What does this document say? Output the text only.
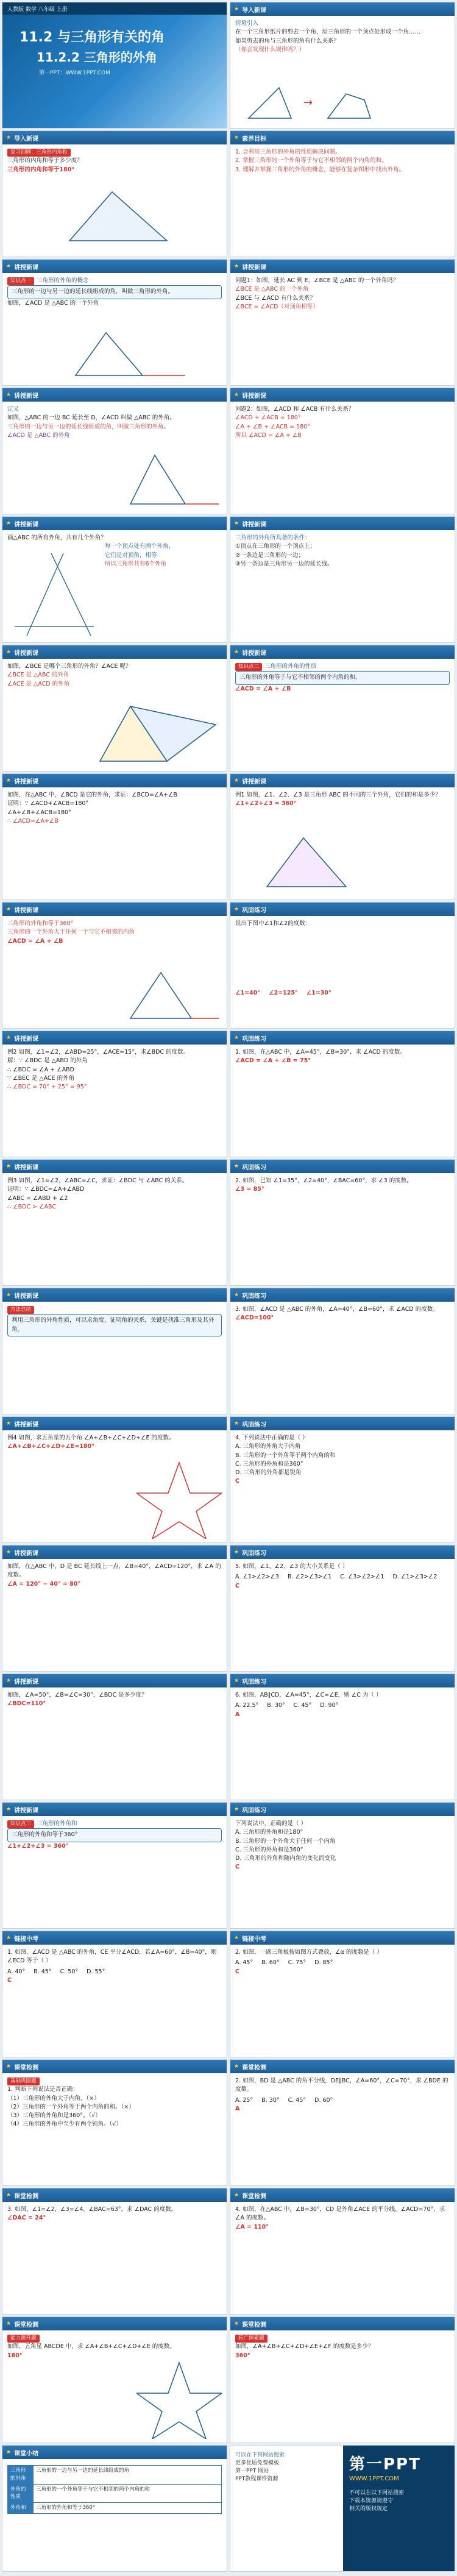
人教版 数学 八年级 上册
11.2 与三角形有关的角
11.2.2 三角形的外角
第一PPT：WWW.1PPT.COM
★ 导入新课
情境引入
在一个三角形纸片的剪去一个角，原三角形的一个顶点处形成一个角……
如果剪去的角与三角形的角有什么关系？
（你会发现什么规律吗？）
→
★ 导入新课
复习回顾：三角形内角和
三角形的内角和等于多少度？
三角形的内角和等于180°
★ 素养目标
1. 会利用三角形的外角的性质解决问题。
2. 掌握三角形的一个外角等于与它不相邻的两个内角的和。
3. 理解并掌握三角形的外角的概念，能够在复杂图形中找出外角。
★ 讲授新课
知识点一 三角形的外角的概念
三角形的一边与另一边的延长线组成的角，叫做三角形的外角。
如图，∠ACD 是 △ABC 的一个外角
★ 讲授新课
问题1：如图，延长 AC 到 E，∠BCE 是 △ABC 的一个外角吗？
∠BCE 是 △ABC 的一个外角
∠BCE 与 ∠ACD 有什么关系？
∠BCE = ∠ACD（对顶角相等）
★ 讲授新课
定义
如图，△ABC 的一边 BC 延长至 D，∠ACD 叫做 △ABC 的外角。
三角形的一边与另一边的延长线组成的角，叫做三角形的外角。
∠ACD 是 △ABC 的外角
★ 讲授新课
问题2：如图，∠ACD 和 ∠ACB 有什么关系？
∠ACD + ∠ACB = 180°
∠A + ∠B + ∠ACB = 180°
所以 ∠ACD = ∠A + ∠B
★ 讲授新课
画△ABC 的所有外角，共有几个外角？
每一个顶点处有两个外角，
它们是对顶角，相等
所以三角形共有6个外角
★ 讲授新课
三角形的外角所具备的条件：
①顶点在三角形的一个顶点上；
②一条边是三角形的一边；
③另一条边是三角形另一边的延长线。
★ 讲授新课
如图，∠BCE 是哪个三角形的外角？∠ACE 呢？
∠BCE 是 △ABC 的外角
∠ACE 是 △ACD 的外角
★ 讲授新课
知识点二 三角形的外角的性质
三角形的外角等于与它不相邻的两个内角的和。
∠ACD = ∠A + ∠B
★ 讲授新课
如图，在△ABC 中，∠BCD 是它的外角，求证：∠BCD=∠A+∠B
证明：∵ ∠ACD+∠ACB=180°
∠A+∠B+∠ACB=180°
∴ ∠ACD=∠A+∠B
★ 讲授新课
例1 如图，∠1、∠2、∠3 是三角形 ABC 的不同的三个外角，它们的和是多少？
∠1+∠2+∠3 = 360°
★ 讲授新课
三角形的外角和等于360°
三角形的一个外角大于任何一个与它不相邻的内角
∠ACD = ∠A + ∠B
★ 巩固练习
说出下图中∠1和∠2的度数：
∠1=40° ∠2=125° ∠1=30°
★ 讲授新课
例2 如图，∠1=∠2，∠ABD=25°，∠ACE=15°，求∠BDC 的度数。
解：∵ ∠BDC 是 △ABD 的外角
∴ ∠BDC = ∠A + ∠ABD
∵ ∠BEC 是 △ACE 的外角
∴ ∠BDC = 70° + 25° = 95°
★ 巩固练习
1. 如图，在△ABC 中，∠A=45°，∠B=30°，求 ∠ACD 的度数。
∠ACD = ∠A + ∠B = 75°
★ 讲授新课
例3 如图，∠1=∠2，∠ABC=∠C，求证：∠BDC 与 ∠ABC 的关系。
证明：∵ ∠BDC=∠A+∠ABD
∠ABC = ∠ABD + ∠2
∴ ∠BDC > ∠ABC
★ 巩固练习
2. 如图，已知 ∠1=35°，∠2=40°，∠BAC=60°，求 ∠3 的度数。
∠3 = 85°
★ 讲授新课
方法总结
利用三角形的外角性质，可以求角度、证明角的关系，关键是找准三角形及其外角。
★ 巩固练习
3. 如图，∠ACD 是 △ABC 的外角，∠A=40°，∠B=60°，求 ∠ACD 的度数。
∠ACD=100°
★ 讲授新课
例4 如图，求五角星的五个角 ∠A+∠B+∠C+∠D+∠E 的度数。
∠A+∠B+∠C+∠D+∠E=180°
★ 巩固练习
4. 下列说法中正确的是（ ）
A. 三角形的外角大于内角
B. 三角形的一个外角等于两个内角的和
C. 三角形的外角和是360°
D. 三角形的外角都是锐角
C
★ 讲授新课
如图，在△ABC 中，D 是 BC 延长线上一点，∠B=40°，∠ACD=120°，求 ∠A 的度数。
∠A = 120° − 40° = 80°
★ 巩固练习
5. 如图，∠1、∠2、∠3 的大小关系是（ ）
A. ∠1>∠2>∠3 B. ∠2>∠3>∠1 C. ∠3>∠2>∠1 D. ∠1>∠3>∠2
C
★ 讲授新课
如图，∠A=50°，∠B=∠C=30°，∠BDC 是多少度？
∠BDC=110°
★ 巩固练习
6. 如图，AB∥CD，∠A=45°，∠C=∠E，则 ∠C 为（ ）
A. 22.5° B. 30° C. 45° D. 90°
A
★ 讲授新课
知识点三 三角形的外角和
三角形的外角和等于360°
∠1+∠2+∠3 = 360°
★ 巩固练习
下列说法中，正确的是（ ）
A. 三角形的外角和是180°
B. 三角形的一个外角大于任何一个内角
C. 三角形的外角和是360°
D. 三角形的外角和随内角的变化而变化
C
★ 链接中考
1. 如图，∠ACD 是 △ABC 的外角，CE 平分∠ACD，若∠A=60°，∠B=40°，则 ∠ECD 等于（ ）
A. 40° B. 45° C. 50° D. 55°
C
★ 链接中考
2. 如图，一副三角板按如图方式叠放，∠α 的度数是（ ）
A. 45° B. 60° C. 75° D. 85°
C
★ 课堂检测
基础巩固题
1. 判断下列说法是否正确：
（1）三角形的外角大于内角。（×）
（2）三角形的一个外角等于两个内角的和。（×）
（3）三角形的外角和是360°。（√）
（4）三角形的外角中至少有两个钝角。（√）
★ 课堂检测
2. 如图，BD 是 △ABC 的角平分线，DE∥BC，∠A=60°，∠C=70°，求 ∠BDE 的度数。
A. 25° B. 30° C. 45° D. 60°
A
★ 课堂检测
3. 如图，∠1=∠2，∠3=∠4，∠BAC=63°，求 ∠DAC 的度数。
∠DAC = 24°
★ 课堂检测
4. 如图，在△ABC 中，∠B=30°，CD 是外角∠ACE 的平分线，∠ACD=70°，求 ∠A 的度数。
∠A = 110°
★ 课堂检测
能力提升题
如图，五角星 ABCDE 中，求 ∠A+∠B+∠C+∠D+∠E 的度数。
180°
★ 课堂检测
拓广探索题
如图，∠A+∠B+∠C+∠D+∠E+∠F 的度数是多少？
360°
★ 课堂小结
三角形的外角	三角形的一边与另一边的延长线组成的角
外角的性质	三角形的一个外角等于与它不相邻的两个内角的和
外角和	三角形的外角和等于360°
可以在下列网站搜索
更多优质免费模板
第一PPT 网站
PPT教程课件资源
第一PPT
WWW.1PPT.COM
不可以在以下网站搜索
下载本资源请遵守
相关的版权规定
